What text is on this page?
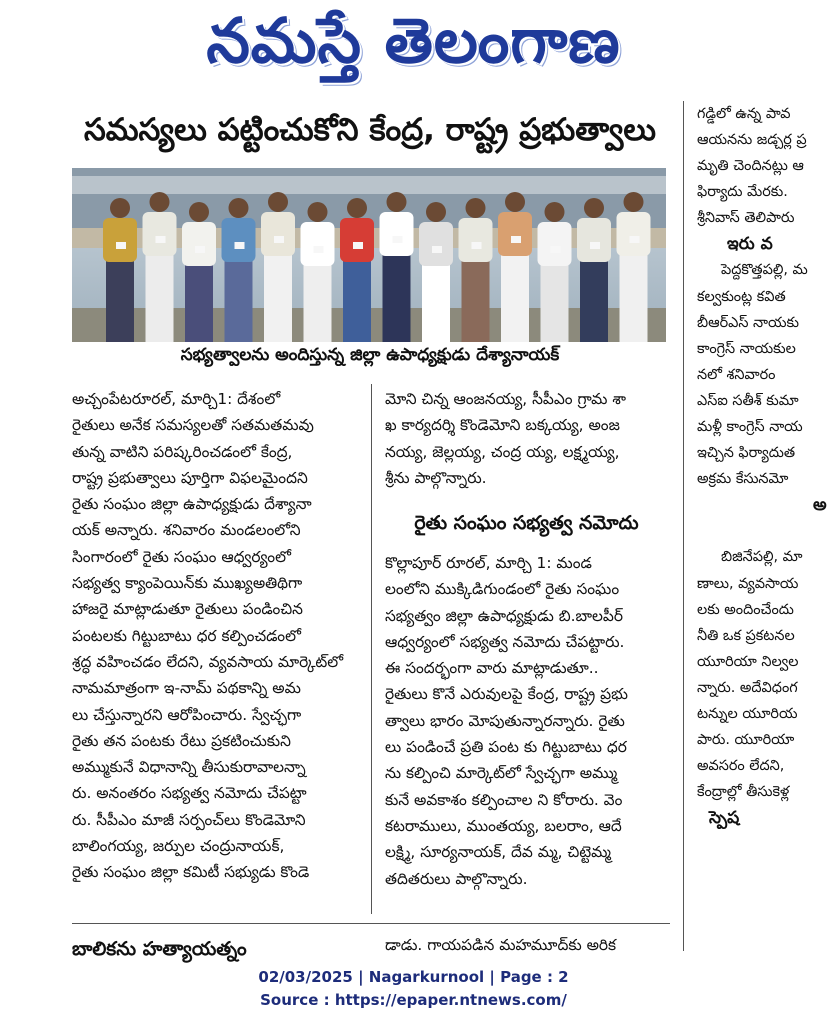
నమస్తే తెలంగాణ
సమస్యలు పట్టించుకోని కేంద్ర, రాష్ట్ర ప్రభుత్వాలు
సభ్యత్వాలను అందిస్తున్న జిల్లా ఉపాధ్యక్షుడు దేశ్యానాయక్

అచ్చంపేటరూరల్, మార్చి1: దేశంలో

రైతులు అనేక సమస్యలతో సతమతమవు

తున్న వాటిని పరిష్కరించడంలో కేంద్ర,

రాష్ట్ర ప్రభుత్వాలు పూర్తిగా విఫలమైందని

రైతు సంఘం జిల్లా ఉపాధ్యక్షుడు దేశ్యానా

యక్ అన్నారు. శనివారం మండలంలోని

సింగారంలో రైతు సంఘం ఆధ్వర్యంలో

సభ్యత్వ క్యాంపెయిన్‌కు ముఖ్యఅతిథిగా

హాజరై మాట్లాడుతూ రైతులు పండించిన

పంటలకు గిట్టుబాటు ధర కల్పించడంలో

శ్రద్ధ వహించడం లేదని, వ్యవసాయ మార్కెట్‌లో

నామమాత్రంగా ఇ-నామ్ పథకాన్ని అమ

లు చేస్తున్నారని ఆరోపించారు. స్వేచ్ఛగా

రైతు తన పంటకు రేటు ప్రకటించుకుని

అమ్ముకునే విధానాన్ని తీసుకురావాలన్నా

రు. అనంతరం సభ్యత్వ నమోదు చేపట్టా

రు. సీపీఎం మాజీ సర్పంచ్‌లు కొండెమోని

బాలింగయ్య, జర్పుల చంద్రునాయక్,

రైతు సంఘం జిల్లా కమిటీ సభ్యుడు కొండె

మోని చిన్న ఆంజనయ్య, సీపీఎం గ్రామ శా

ఖ కార్యదర్శి కొండెమోని బక్కయ్య, అంజ

నయ్య, జెల్లయ్య, చంద్ర య్య, లక్ష్మయ్య,

శ్రీను పాల్గొన్నారు.

రైతు సంఘం సభ్యత్వ నమోదు

కొల్లాపూర్ రూరల్, మార్చి 1: మండ

లంలోని ముక్కిడిగుండంలో రైతు సంఘం

సభ్యత్వం జిల్లా ఉపాధ్యక్షుడు బి.బాలపీర్

ఆధ్వర్యంలో సభ్యత్వ నమోదు చేపట్టారు.

ఈ సందర్భంగా వారు మాట్లాడుతూ..

రైతులు కొనే ఎరువులపై కేంద్ర, రాష్ట్ర ప్రభు

త్వాలు భారం మోపుతున్నారన్నారు. రైతు

లు పండించే ప్రతి పంట కు గిట్టుబాటు ధర

ను కల్పించి మార్కెట్‌లో స్వేచ్ఛగా అమ్ము

కునే అవకాశం కల్పించాల ని కోరారు. వెం

కటరాములు, ముంతయ్య, బలరాం, ఆదే

లక్ష్మి, సూర్యనాయక్, దేవ మ్మ, చిట్టెమ్మ

తదితరులు పాల్గొన్నారు.

బాలికను హత్యాయత్నం	డాడు. గాయపడిన మహమూద్‌కు అరిక

గడ్డిలో ఉన్న పావ

ఆయనను జడ్చర్ల ప్ర

మృతి చెందినట్లు ఆ

ఫిర్యాదు మేరకు.

శ్రీనివాస్ తెలిపారు

ఇరు వ

పెద్దకొత్తపల్లి, మ

కల్వకుంట్ల కవిత

బీఆర్‌ఎస్ నాయకు

కాంగ్రెస్ నాయకుల

నలో శనివారం

ఎస్‌ఐ సతీశ్ కుమా

మళ్లీ కాంగ్రెస్ నాయ

ఇచ్చిన ఫిర్యాదుత

అక్రమ కేసునమో

అ

బిజినేపల్లి, మా

ణాలు, వ్యవసాయ

లకు అందించేందు

నీతి ఒక ప్రకటనల

యూరియా నిల్వల

న్నారు. అదేవిధంగ

టన్నుల యూరియ

పారు. యూరియా

అవసరం లేదని,

కేంద్రాల్లో తీసుకెళ్ల

స్పెష

02/03/2025 | Nagarkurnool | Page : 2
Source : https://epaper.ntnews.com/
